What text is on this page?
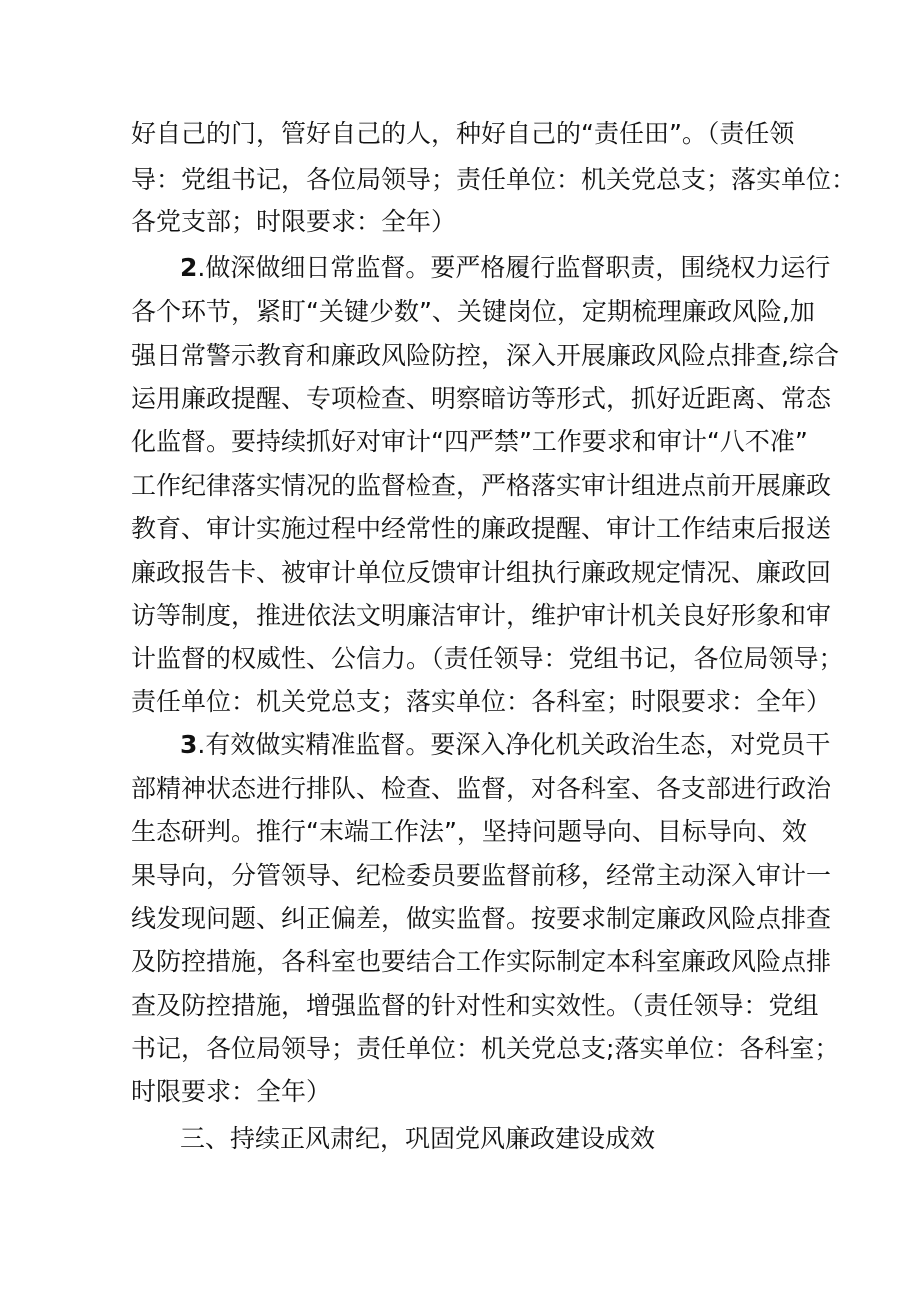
好自己的门，管好自己的人，种好自己的“责任田”。（责任领
导：党组书记，各位局领导；责任单位：机关党总支；落实单位：
各党支部；时限要求：全年）
2.做深做细日常监督。要严格履行监督职责，围绕权力运行
各个环节，紧盯“关键少数”、关键岗位，定期梳理廉政风险,加
强日常警示教育和廉政风险防控，深入开展廉政风险点排查,综合
运用廉政提醒、专项检查、明察暗访等形式，抓好近距离、常态
化监督。要持续抓好对审计“四严禁”工作要求和审计“八不准”
工作纪律落实情况的监督检查，严格落实审计组进点前开展廉政
教育、审计实施过程中经常性的廉政提醒、审计工作结束后报送
廉政报告卡、被审计单位反馈审计组执行廉政规定情况、廉政回
访等制度，推进依法文明廉洁审计，维护审计机关良好形象和审
计监督的权威性、公信力。（责任领导：党组书记，各位局领导；
责任单位：机关党总支；落实单位：各科室；时限要求：全年）
3.有效做实精准监督。要深入净化机关政治生态，对党员干
部精神状态进行排队、检查、监督，对各科室、各支部进行政治
生态研判。推行“末端工作法”，坚持问题导向、目标导向、效
果导向，分管领导、纪检委员要监督前移，经常主动深入审计一
线发现问题、纠正偏差，做实监督。按要求制定廉政风险点排查
及防控措施，各科室也要结合工作实际制定本科室廉政风险点排
查及防控措施，增强监督的针对性和实效性。（责任领导：党组
书记，各位局领导；责任单位：机关党总支;落实单位：各科室；
时限要求：全年）
三、持续正风肃纪，巩固党风廉政建设成效
